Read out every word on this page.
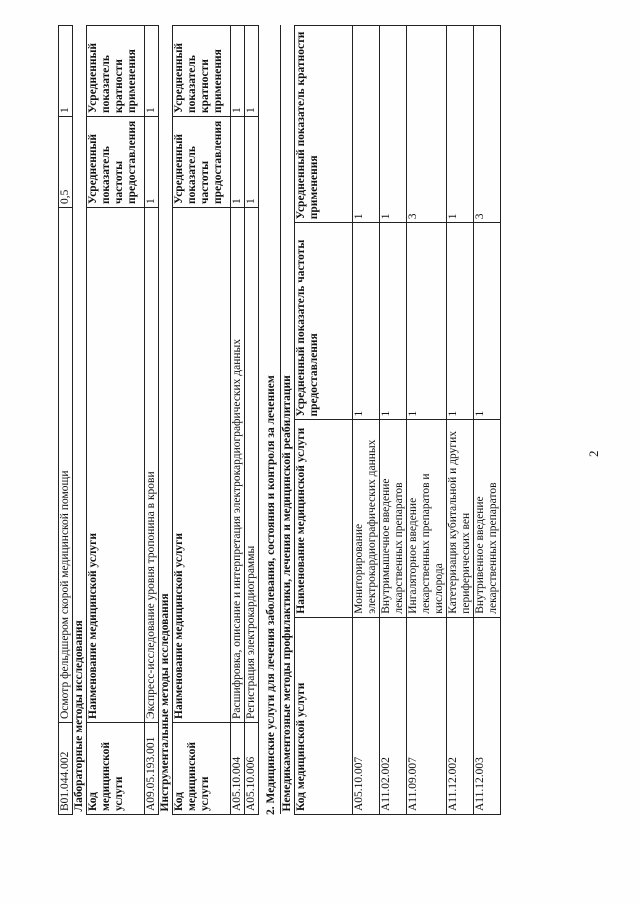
2
B01.044.002	Осмотр фельдшером скорой медицинской помощи	0,5	1
Лабораторные методы исследования			
Код медицинской услуги	Наименование медицинской услуги	Усредненный показатель частоты предоставления	Усредненный показатель кратности применения
A09.05.193.001	Экспресс-исследование уровня тропонина в крови	1	1
Инструментальные методы исследования			
Код медицинской услуги	Наименование медицинской услуги	Усредненный показатель частоты предоставления	Усредненный показатель кратности применения
A05.10.004	Расшифровка, описание и интерпретация электрокардиографических данных	1	1
A05.10.006	Регистрация электрокардиограммы	1	1
2. Медицинские услуги для лечения заболевания, состояния и контроля за лечением Немедикаментозные методы профилактики, лечения и медицинской реабилитации			
Код медицинской услуги	Наименование медицинской услуги	Усредненный показатель частоты предоставления	Усредненный показатель кратности применения
A05.10.007	Мониторирование электрокардиографических данных	1	1
A11.02.002	Внутримышечное введение лекарственных препаратов	1	1
A11.09.007	Ингаляторное введение лекарственных препаратов и кислорода	1	3
A11.12.002	Катетеризация кубитальной и других периферических вен	1	1
A11.12.003	Внутривенное введение лекарственных препаратов	1	3
